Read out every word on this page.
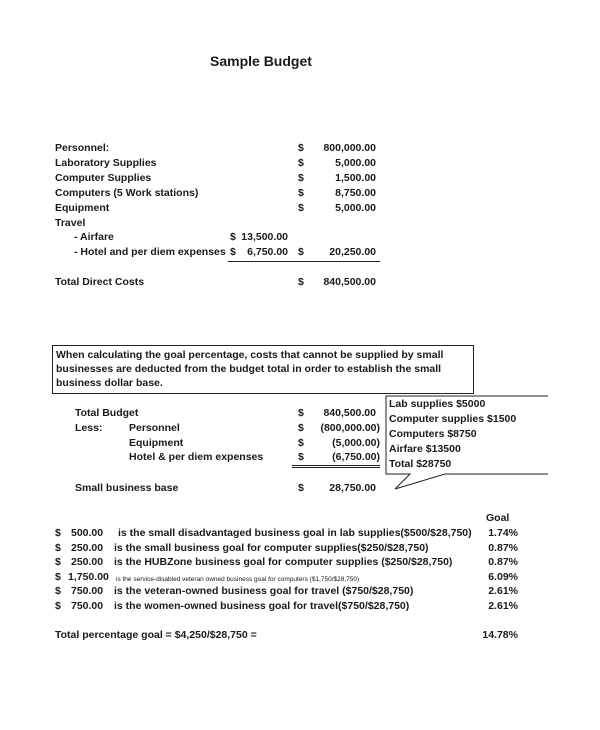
Sample Budget
Personnel:	$	800,000.00
Laboratory Supplies	$	5,000.00
Computer Supplies	$	1,500.00
Computers (5 Work stations)	$	8,750.00
Equipment	$	5,000.00
Travel
- Airfare	$ 13,500.00
- Hotel and per diem expenses $	6,750.00 $	20,250.00
Total Direct Costs	$	840,500.00
When calculating the goal percentage, costs that cannot be supplied by small
businesses are deducted from the budget total in order to establish the small
business dollar base.
Total Budget	$	840,500.00
Less:	Personnel	$	(800,000.00)
Equipment	$	(5,000.00)
Hotel & per diem expenses	$	(6,750.00)
Small business base	$	28,750.00
Lab supplies $5000
Computer supplies $1500
Computers $8750
Airfare $13500
Total $28750
Goal
$ 500.00 is the small disadvantaged business goal in lab supplies($500/$28,750)	1.74%
$ 250.00 is the small business goal for computer supplies($250/$28,750)	0.87%
$ 250.00 is the HUBZone business goal for computer supplies ($250/$28,750)	0.87%
$ 1,750.00 is the service-disabled veteran owned business goal for computers ($1,750/$28,750)	6.09%
$ 750.00 is the veteran-owned business goal for travel ($750/$28,750)	2.61%
$ 750.00 is the women-owned business goal for travel($750/$28,750)	2.61%
Total percentage goal = $4,250/$28,750 =	14.78%
